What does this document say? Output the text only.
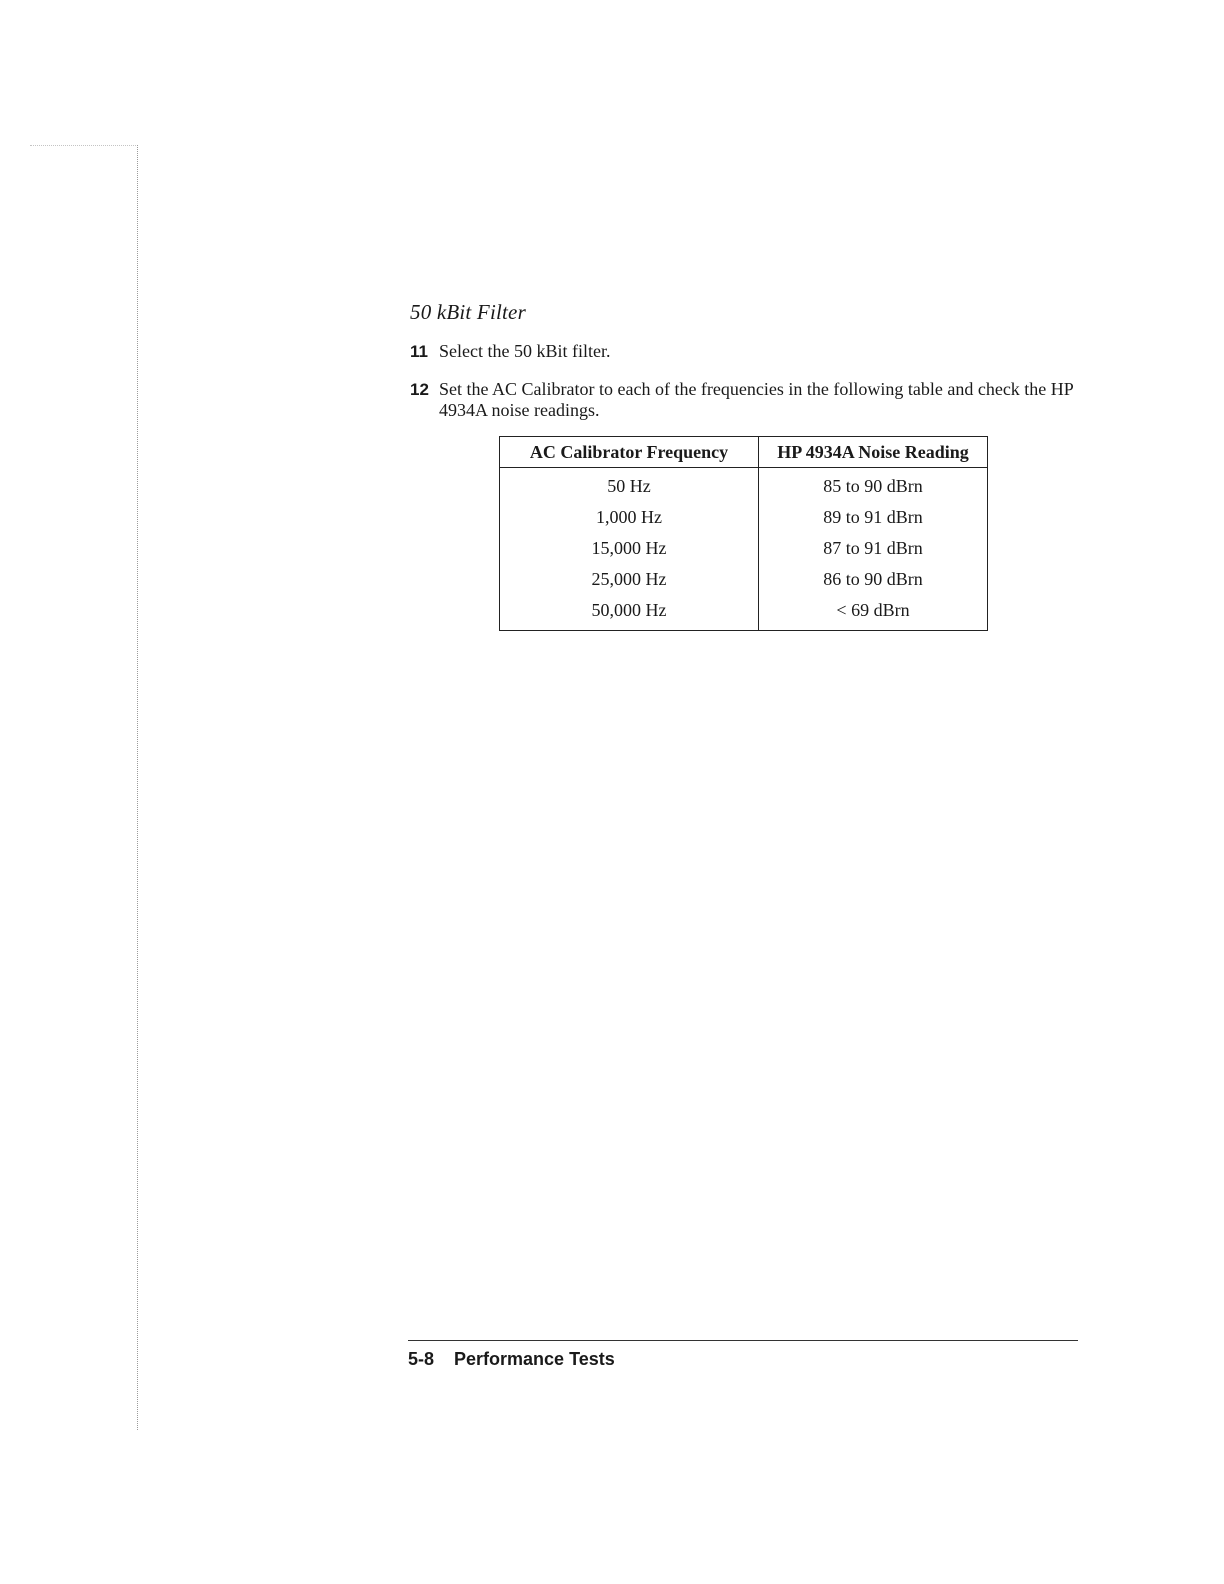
50 kBit Filter
11 Select the 50 kBit filter.
12 Set the AC Calibrator to each of the frequencies in the following table and check the HP 4934A noise readings.
AC Calibrator Frequency	HP 4934A Noise Reading
50 Hz	85 to 90 dBrn
1,000 Hz	89 to 91 dBrn
15,000 Hz	87 to 91 dBrn
25,000 Hz	86 to 90 dBrn
50,000 Hz	< 69 dBrn
5-8 Performance Tests
